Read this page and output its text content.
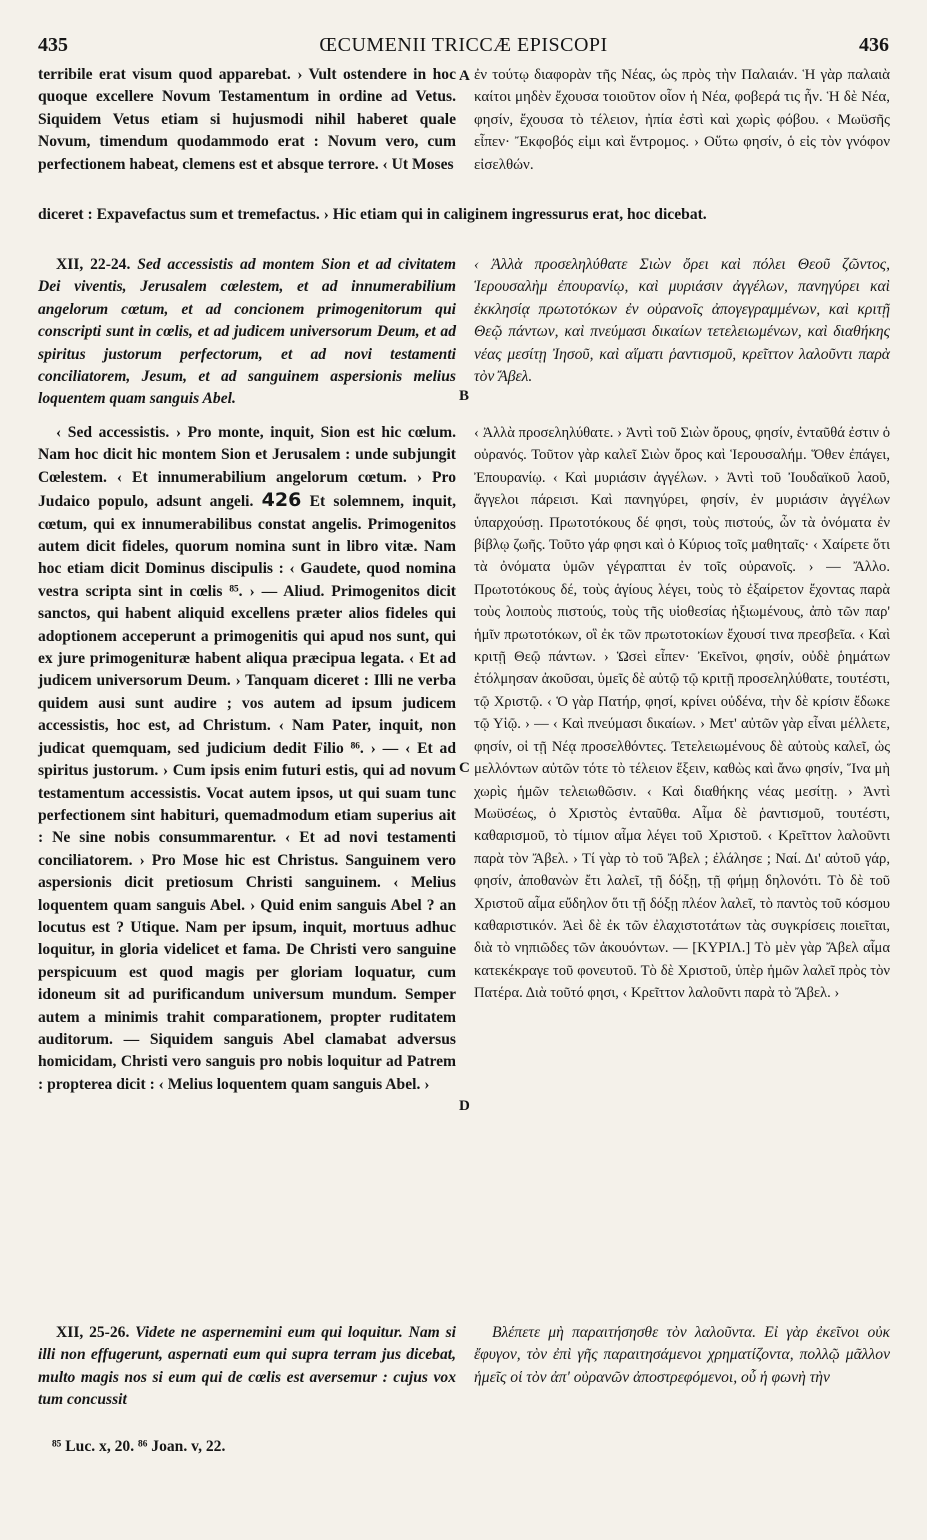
435	ŒCUMENII TRICCÆ EPISCOPI	436

terribile erat visum quod apparebat. › Vult ostendere in hoc quoque excellere Novum Testamentum in ordine ad Vetus. Siquidem Vetus etiam si hujusmodi nihil haberet quale Novum, timendum quodammodo erat : Novum vero, cum perfectionem habeat, clemens est et absque terrore. ‹ Ut Moses

A ἐν τούτῳ διαφορὰν τῆς Νέας, ὡς πρὸς τὴν Παλαιάν. Ἡ γὰρ παλαιὰ καίτοι μηδὲν ἔχουσα τοιοῦτον οἷον ἡ Νέα, φοβερά τις ἦν. Ἡ δὲ Νέα, φησίν, ἔχουσα τὸ τέλειον, ἠπία ἐστὶ καὶ χωρὶς φόβου. ‹ Μωϋσῆς εἶπεν· Ἔκφοβός εἰμι καὶ ἔντρομος. › Οὕτω φησίν, ὁ εἰς τὸν γνόφον εἰσελθών.

diceret : Expavefactus sum et tremefactus. › Hic etiam qui in caliginem ingressurus erat, hoc dicebat.

XII, 22-24. Sed accessistis ad montem Sion et ad civitatem Dei viventis, Jerusalem cœlestem, et ad innumerabilium angelorum cœtum, et ad concionem primogenitorum qui conscripti sunt in cœlis, et ad judicem universorum Deum, et ad spiritus justorum perfectorum, et ad novi testamenti conciliatorem, Jesum, et ad sanguinem aspersionis melius loquentem quam sanguis Abel.	B

‹ Ἀλλὰ προσεληλύθατε Σιὼν ὄρει καὶ πόλει Θεοῦ ζῶντος, Ἱερουσαλὴμ ἐπουρανίῳ, καὶ μυριάσιν ἀγγέλων, πανηγύρει καὶ ἐκκλησίᾳ πρωτοτόκων ἐν οὐρανοῖς ἀπογεγραμμένων, καὶ κριτῇ Θεῷ πάντων, καὶ πνεύμασι δικαίων τετελειωμένων, καὶ διαθήκης νέας μεσίτῃ Ἰησοῦ, καὶ αἵματι ῥαντισμοῦ, κρεῖττον λαλοῦντι παρὰ τὸν Ἄβελ.

‹ Sed accessistis. › Pro monte, inquit, Sion est hic cœlum. Nam hoc dicit hic montem Sion et Jerusalem : unde subjungit Cœlestem. ‹ Et innumerabilium angelorum cœtum. › Pro Judaico populo, adsunt angeli. 426 Et solemnem, inquit, cœtum, qui ex innumerabilibus constat angelis. Primogenitos autem dicit fideles, quorum nomina sunt in libro vitæ. Nam hoc etiam dicit Dominus discipulis : ‹ Gaudete, quod nomina vestra scripta sint in cœlis ⁸⁵. › — Aliud. Primogenitos dicit sanctos, qui habent aliquid excellens præter alios fideles qui adoptionem acceperunt a primogenitis qui apud nos sunt, qui ex jure primogenituræ habent aliqua præcipua legata. ‹ Et ad judicem universorum Deum. › Tanquam diceret : Illi ne verba quidem ausi sunt audire ; vos autem ad ipsum judicem accessistis, hoc est, ad Christum. ‹ Nam Pater, inquit, non judicat quemquam, sed judicium dedit Filio ⁸⁶. › — ‹ Et ad spiritus justorum. › Cum ipsis enim futuri estis, qui ad novum testamentum accessistis. Vocat autem ipsos, ut qui suam tunc perfectionem sint habituri, quemadmodum etiam superius ait : Ne sine nobis consummarentur. ‹ Et ad novi testamenti conciliatorem. › Pro Mose hic est Christus. Sanguinem vero aspersionis dicit pretiosum Christi sanguinem. ‹ Melius loquentem quam sanguis Abel. › Quid enim sanguis Abel ? an locutus est ? Utique. Nam per ipsum, inquit, mortuus adhuc loquitur, in gloria videlicet et fama. De Christi vero sanguine perspicuum est quod magis per gloriam loquatur, cum idoneum sit ad purificandum universum mundum. Semper autem a minimis trahit comparationem, propter ruditatem auditorum. — Siquidem sanguis Abel clamabat adversus homicidam, Christi vero sanguis pro nobis loquitur ad Patrem : propterea dicit : ‹ Melius loquentem quam sanguis Abel. ›

C
D

‹ Ἀλλὰ προσεληλύθατε. › Ἀντὶ τοῦ Σιὼν ὄρους, φησίν, ἐνταῦθά ἐστιν ὁ οὐρανός. Τοῦτον γὰρ καλεῖ Σιὼν ὄρος καὶ Ἱερουσαλήμ. Ὅθεν ἐπάγει, Ἐπουρανίῳ. ‹ Καὶ μυριάσιν ἀγγέλων. › Ἀντὶ τοῦ Ἰουδαϊκοῦ λαοῦ, ἄγγελοι πάρεισι. Καὶ πανηγύρει, φησίν, ἐν μυριάσιν ἀγγέλων ὑπαρχούσῃ. Πρωτοτόκους δέ φησι, τοὺς πιστούς, ὧν τὰ ὀνόματα ἐν βίβλῳ ζωῆς. Τοῦτο γάρ φησι καὶ ὁ Κύριος τοῖς μαθηταῖς· ‹ Χαίρετε ὅτι τὰ ὀνόματα ὑμῶν γέγραπται ἐν τοῖς οὐρανοῖς. › — Ἄλλο. Πρωτοτόκους δέ, τοὺς ἁγίους λέγει, τοὺς τὸ ἐξαίρετον ἔχοντας παρὰ τοὺς λοιποὺς πιστούς, τοὺς τῆς υἱοθεσίας ἠξιωμένους, ἀπὸ τῶν παρ' ἡμῖν πρωτοτόκων, οἳ ἐκ τῶν πρωτοτοκίων ἔχουσί τινα πρεσβεῖα. ‹ Καὶ κριτῇ Θεῷ πάντων. › Ὡσεὶ εἶπεν· Ἐκεῖνοι, φησίν, οὐδὲ ῥημάτων ἐτόλμησαν ἀκοῦσαι, ὑμεῖς δὲ αὐτῷ τῷ κριτῇ προσεληλύθατε, τουτέστι, τῷ Χριστῷ. ‹ Ὁ γὰρ Πατήρ, φησί, κρίνει οὐδένα, τὴν δὲ κρίσιν ἔδωκε τῷ Υἱῷ. › — ‹ Καὶ πνεύμασι δικαίων. › Μετ' αὐτῶν γὰρ εἶναι μέλλετε, φησίν, οἱ τῇ Νέᾳ προσελθόντες. Τετελειωμένους δὲ αὐτοὺς καλεῖ, ὡς μελλόντων αὐτῶν τότε τὸ τέλειον ἕξειν, καθὼς καὶ ἄνω φησίν, Ἵνα μὴ χωρὶς ἡμῶν τελειωθῶσιν. ‹ Καὶ διαθήκης νέας μεσίτῃ. › Ἀντὶ Μωϋσέως, ὁ Χριστὸς ἐνταῦθα. Αἷμα δὲ ῥαντισμοῦ, τουτέστι, καθαρισμοῦ, τὸ τίμιον αἷμα λέγει τοῦ Χριστοῦ. ‹ Κρεῖττον λαλοῦντι παρὰ τὸν Ἄβελ. › Τί γὰρ τὸ τοῦ Ἄβελ ; ἐλάλησε ; Ναί. Δι' αὐτοῦ γάρ, φησίν, ἀποθανὼν ἔτι λαλεῖ, τῇ δόξῃ, τῇ φήμῃ δηλονότι. Τὸ δὲ τοῦ Χριστοῦ αἷμα εὔδηλον ὅτι τῇ δόξῃ πλέον λαλεῖ, τὸ παντὸς τοῦ κόσμου καθαριστικόν. Ἀεὶ δὲ ἐκ τῶν ἐλαχιστοτάτων τὰς συγκρίσεις ποιεῖται, διὰ τὸ νηπιῶδες τῶν ἀκουόντων. — [ΚΥΡΙΛ.] Τὸ μὲν γὰρ Ἄβελ αἷμα κατεκέκραγε τοῦ φονευτοῦ. Τὸ δὲ Χριστοῦ, ὑπὲρ ἡμῶν λαλεῖ πρὸς τὸν Πατέρα. Διὰ τοῦτό φησι, ‹ Κρεῖττον λαλοῦντι παρὰ τὸ Ἄβελ. ›

XII, 25-26. Videte ne aspernemini eum qui loquitur. Nam si illi non effugerunt, aspernati eum qui supra terram jus dicebat, multo magis nos si eum qui de cœlis est aversemur : cujus vox tum concussit

Βλέπετε μὴ παραιτήσησθε τὸν λαλοῦντα. Εἰ γὰρ ἐκεῖνοι οὐκ ἔφυγον, τὸν ἐπὶ γῆς παραιτησάμενοι χρηματίζοντα, πολλῷ μᾶλλον ἡμεῖς οἱ τὸν ἀπ' οὐρανῶν ἀποστρεφόμενοι, οὗ ἡ φωνὴ τὴν

⁸⁵ Luc. x, 20. ⁸⁶ Joan. v, 22.
